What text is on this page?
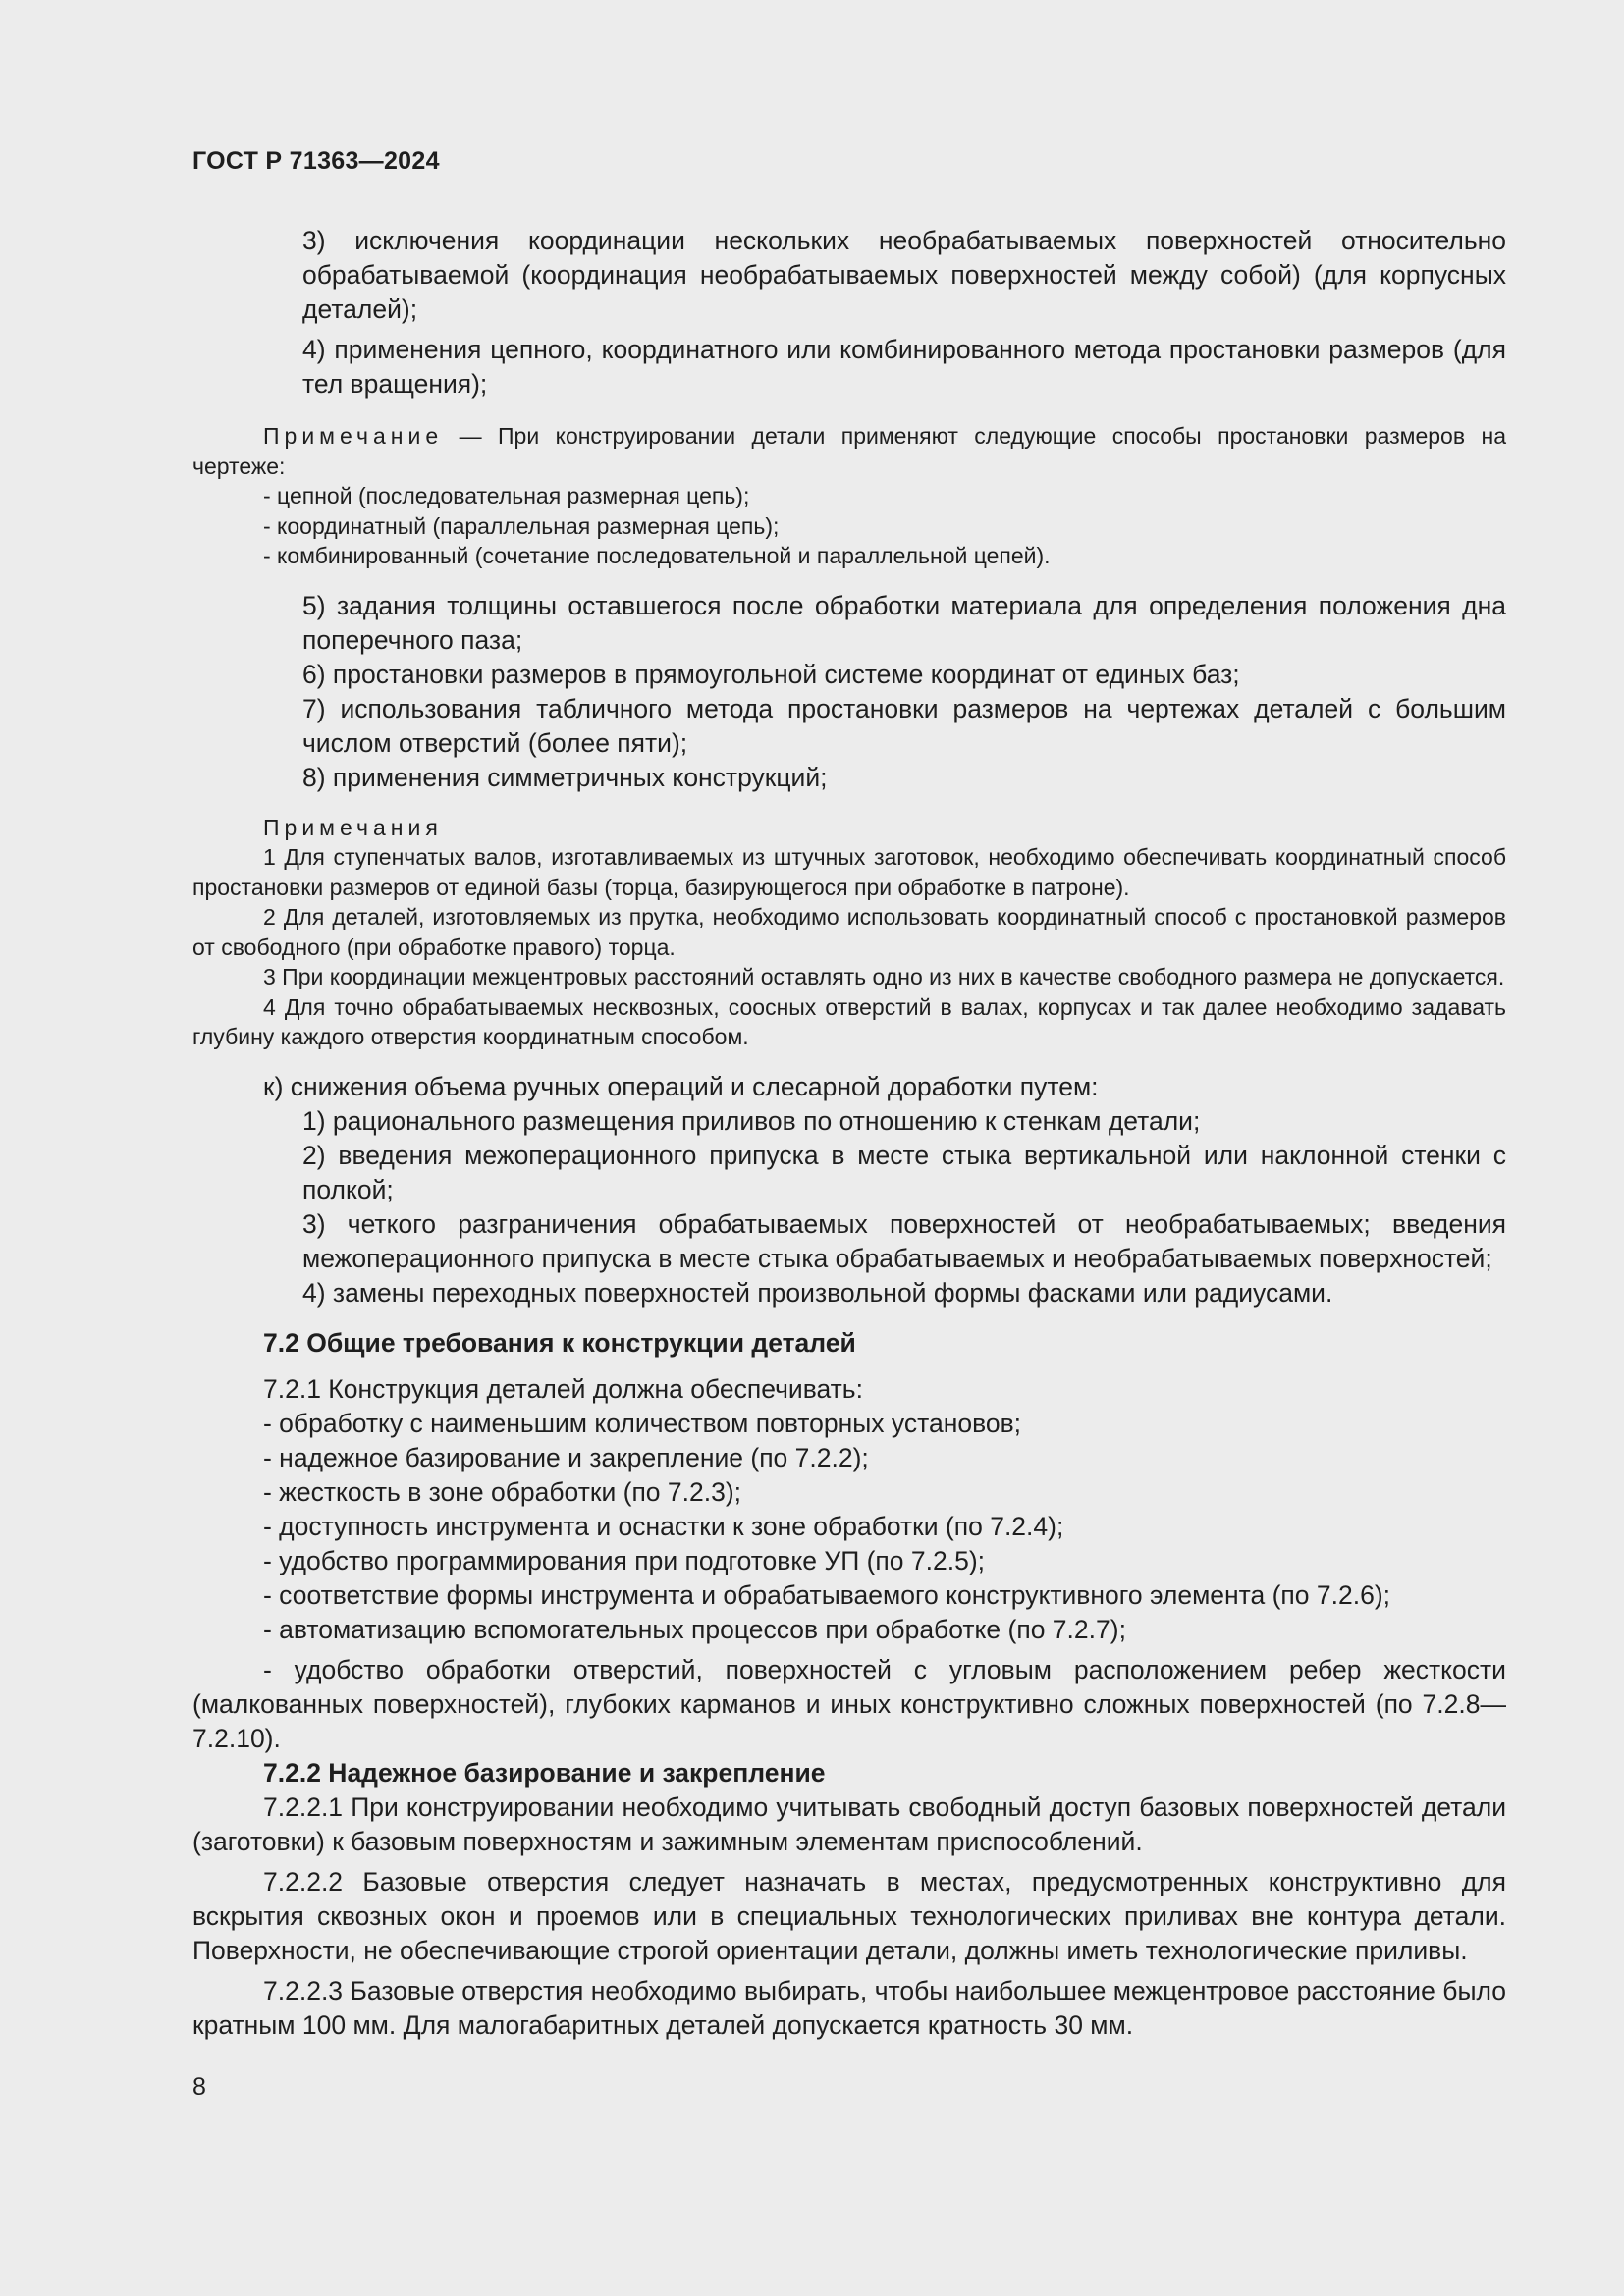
ГОСТ Р 71363—2024

3) исключения координации нескольких необрабатываемых поверхностей относительно обрабатываемой (координация необрабатываемых поверхностей между собой) (для корпусных деталей);

4) применения цепного, координатного или комбинированного метода простановки размеров (для тел вращения);

Примечание — При конструировании детали применяют следующие способы простановки размеров на чертеже:

- цепной (последовательная размерная цепь);

- координатный (параллельная размерная цепь);

- комбинированный (сочетание последовательной и параллельной цепей).

5) задания толщины оставшегося после обработки материала для определения положения дна поперечного паза;

6) простановки размеров в прямоугольной системе координат от единых баз;

7) использования табличного метода простановки размеров на чертежах деталей с большим числом отверстий (более пяти);

8) применения симметричных конструкций;

Примечания

1 Для ступенчатых валов, изготавливаемых из штучных заготовок, необходимо обеспечивать координатный способ простановки размеров от единой базы (торца, базирующегося при обработке в патроне).

2 Для деталей, изготовляемых из прутка, необходимо использовать координатный способ с простановкой размеров от свободного (при обработке правого) торца.

3 При координации межцентровых расстояний оставлять одно из них в качестве свободного размера не допускается.

4 Для точно обрабатываемых несквозных, соосных отверстий в валах, корпусах и так далее необходимо задавать глубину каждого отверстия координатным способом.

к) снижения объема ручных операций и слесарной доработки путем:

1) рационального размещения приливов по отношению к стенкам детали;

2) введения межоперационного припуска в месте стыка вертикальной или наклонной стенки с полкой;

3) четкого разграничения обрабатываемых поверхностей от необрабатываемых; введения межоперационного припуска в месте стыка обрабатываемых и необрабатываемых поверхностей;

4) замены переходных поверхностей произвольной формы фасками или радиусами.

7.2 Общие требования к конструкции деталей

7.2.1 Конструкция деталей должна обеспечивать:

- обработку с наименьшим количеством повторных установов;

- надежное базирование и закрепление (по 7.2.2);

- жесткость в зоне обработки (по 7.2.3);

- доступность инструмента и оснастки к зоне обработки (по 7.2.4);

- удобство программирования при подготовке УП (по 7.2.5);

- соответствие формы инструмента и обрабатываемого конструктивного элемента (по 7.2.6);

- автоматизацию вспомогательных процессов при обработке (по 7.2.7);

- удобство обработки отверстий, поверхностей с угловым расположением ребер жесткости (малкованных поверхностей), глубоких карманов и иных конструктивно сложных поверхностей (по 7.2.8—7.2.10).

7.2.2 Надежное базирование и закрепление

7.2.2.1 При конструировании необходимо учитывать свободный доступ базовых поверхностей детали (заготовки) к базовым поверхностям и зажимным элементам приспособлений.

7.2.2.2 Базовые отверстия следует назначать в местах, предусмотренных конструктивно для вскрытия сквозных окон и проемов или в специальных технологических приливах вне контура детали. Поверхности, не обеспечивающие строгой ориентации детали, должны иметь технологические приливы.

7.2.2.3 Базовые отверстия необходимо выбирать, чтобы наибольшее межцентровое расстояние было кратным 100 мм. Для малогабаритных деталей допускается кратность 30 мм.

8
